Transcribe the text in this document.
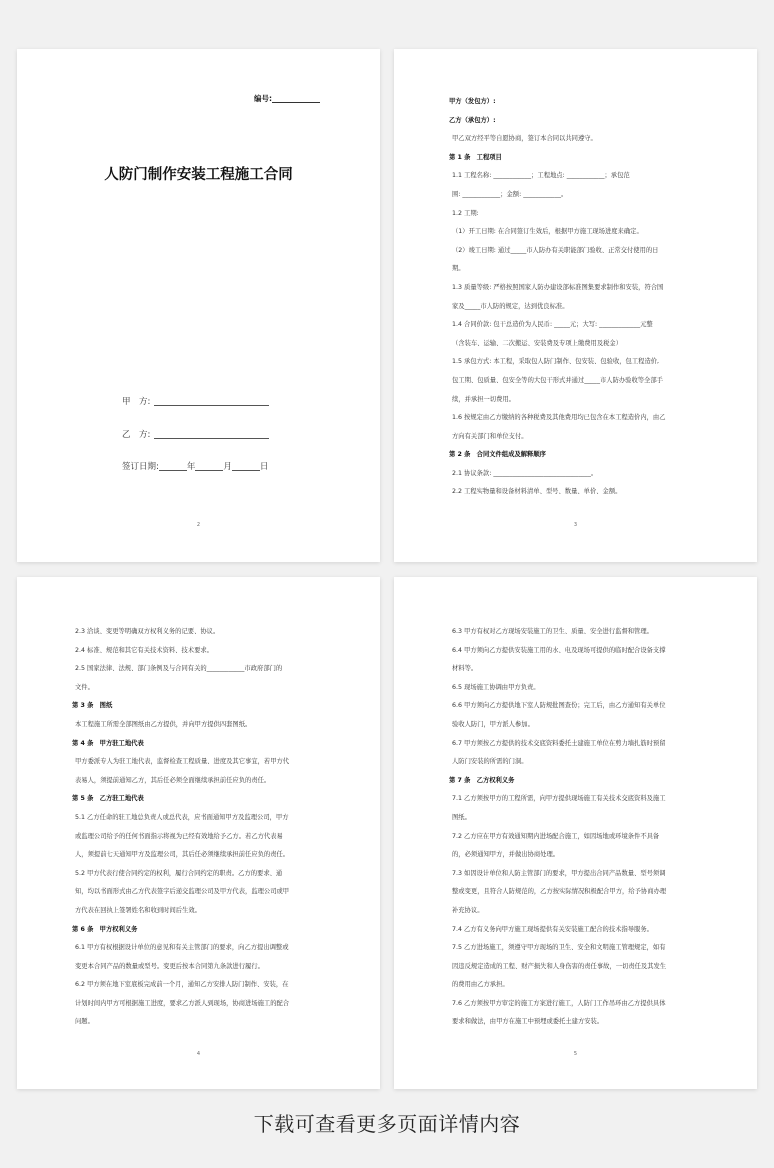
编号:
人防门制作安装工程施工合同
甲　方:
乙　方:
签订日期:	年	月	日
2
甲方（发包方）:
乙方（承包方）:
甲乙双方经平等自愿协商，签订本合同以共同遵守。
第 1 条　工程项目
1.1 工程名称: ____________；工程地点: ____________；承包范
围: ____________；金额: ____________。
1.2 工期:
（1）开工日期: 在合同签订生效后，根据甲方施工现场进度来确定。
（2）竣工日期: 通过_____市人防办有关职能部门验收、正常交付使用的日
期。
1.3 质量等级: 严格按照国家人防办建设部标准图集要求制作和安装，符合国
家及_____市人防的规定，达到优良标准。
1.4 合同价款: 包干总造价为人民币: _____元；大写: _____________元整
（含装车、运输、二次搬运、安装费及专项上缴费用及税金）
1.5 承包方式: 本工程，采取包人防门制作、包安装、包验收，包工程造价,
包工期、包质量、包安全等的大包干形式并通过_____市人防办验收等全部手
续，并承担一切费用。
1.6 按规定由乙方缴纳的各种税费及其他费用均已包含在本工程造价内，由乙
方向有关部门和单位支付。
第 2 条　合同文件组成及解释顺序
2.1 协议条款: _______________________________。
2.2 工程实物量和设备材料清单、型号、数量、单价、金额。
3
2.3 洽谈、变更等明确双方权利义务的记要、协议。
2.4 标准、规范和其它有关技术资料、技术要求。
2.5 国家法律、法规、部门条例及与合同有关的____________市政府部门的
文件。
第 3 条　图纸
本工程施工所需全部图纸由乙方提供，并向甲方提供四套图纸。
第 4 条　甲方驻工地代表
甲方委派专人为驻工地代表，监督检查工程质量、进度及其它事宜，若甲方代
表易人，须提前通知乙方，其后任必须全面继续承担前任应负的责任。
第 5 条　乙方驻工地代表
5.1 乙方任命的驻工地总负责人或总代表，应书面通知甲方及监理公司，甲方
或监理公司给予的任何书面指示将视为已经有效地给予乙方。若乙方代表易
人，须提前七天通知甲方及监理公司，其后任必须继续承担前任应负的责任。
5.2 甲方代表行使合同约定的权利，履行合同约定的职责。乙方的要求、通
知，均以书面形式由乙方代表签字后递交监理公司及甲方代表，监理公司或甲
方代表在回执上签署姓名和收到时间后生效。
第 6 条　甲方权利义务
6.1 甲方有权根据设计单位的意见和有关主管部门的要求，向乙方提出调整或
变更本合同产品的数量或型号。变更后按本合同第九条款进行履行。
6.2 甲方须在地下室底板完成前一个月，通知乙方安排人防门制作、安装，在
计划时间内甲方可根据施工进度，要求乙方派人到现场，协商进场施工的配合
问题。
4
6.3 甲方有权对乙方现场安装施工的卫生、质量、安全进行监督和管理。
6.4 甲方须向乙方提供安装施工用的水、电及现场可提供的临时配合设备支撑
材料等。
6.5 现场施工协调由甲方负责。
6.6 甲方须向乙方提供地下室人防规批图查份；完工后，由乙方通知有关单位
验收人防门，甲方派人参加。
6.7 甲方须按乙方提供的技术交底资料委托土建施工单位在剪力墙扎筋时预留
人防门安装的所需的门洞。
第 7 条　乙方权利义务
7.1 乙方须按甲方的工程所需，向甲方提供现场施工有关技术交底资料及施工
图纸。
7.2 乙方应在甲方有效通知期内进场配合施工，如因场地或环境条件不具备
的，必须通知甲方，并做出协商处理。
7.3 如因设计单位和人防主管部门的要求，甲方提出合同产品数量、型号须调
整或变更，且符合人防规范的，乙方按实际情况积极配合甲方，给予协商办理
补充协议。
7.4 乙方有义务向甲方施工现场提供有关安装施工配合的技术指导服务。
7.5 乙方进场施工，须遵守甲方现场的卫生、安全和文明施工管理规定，如有
因违反规定造成的工程、财产损失和人身伤害的责任事故，一切责任及其发生
的费用由乙方承担。
7.6 乙方须按甲方审定的施工方案进行施工，人防门工作吊环由乙方提供具体
要求和做法，由甲方在施工中预埋或委托土建方安装。
5
下载可查看更多页面详情内容
